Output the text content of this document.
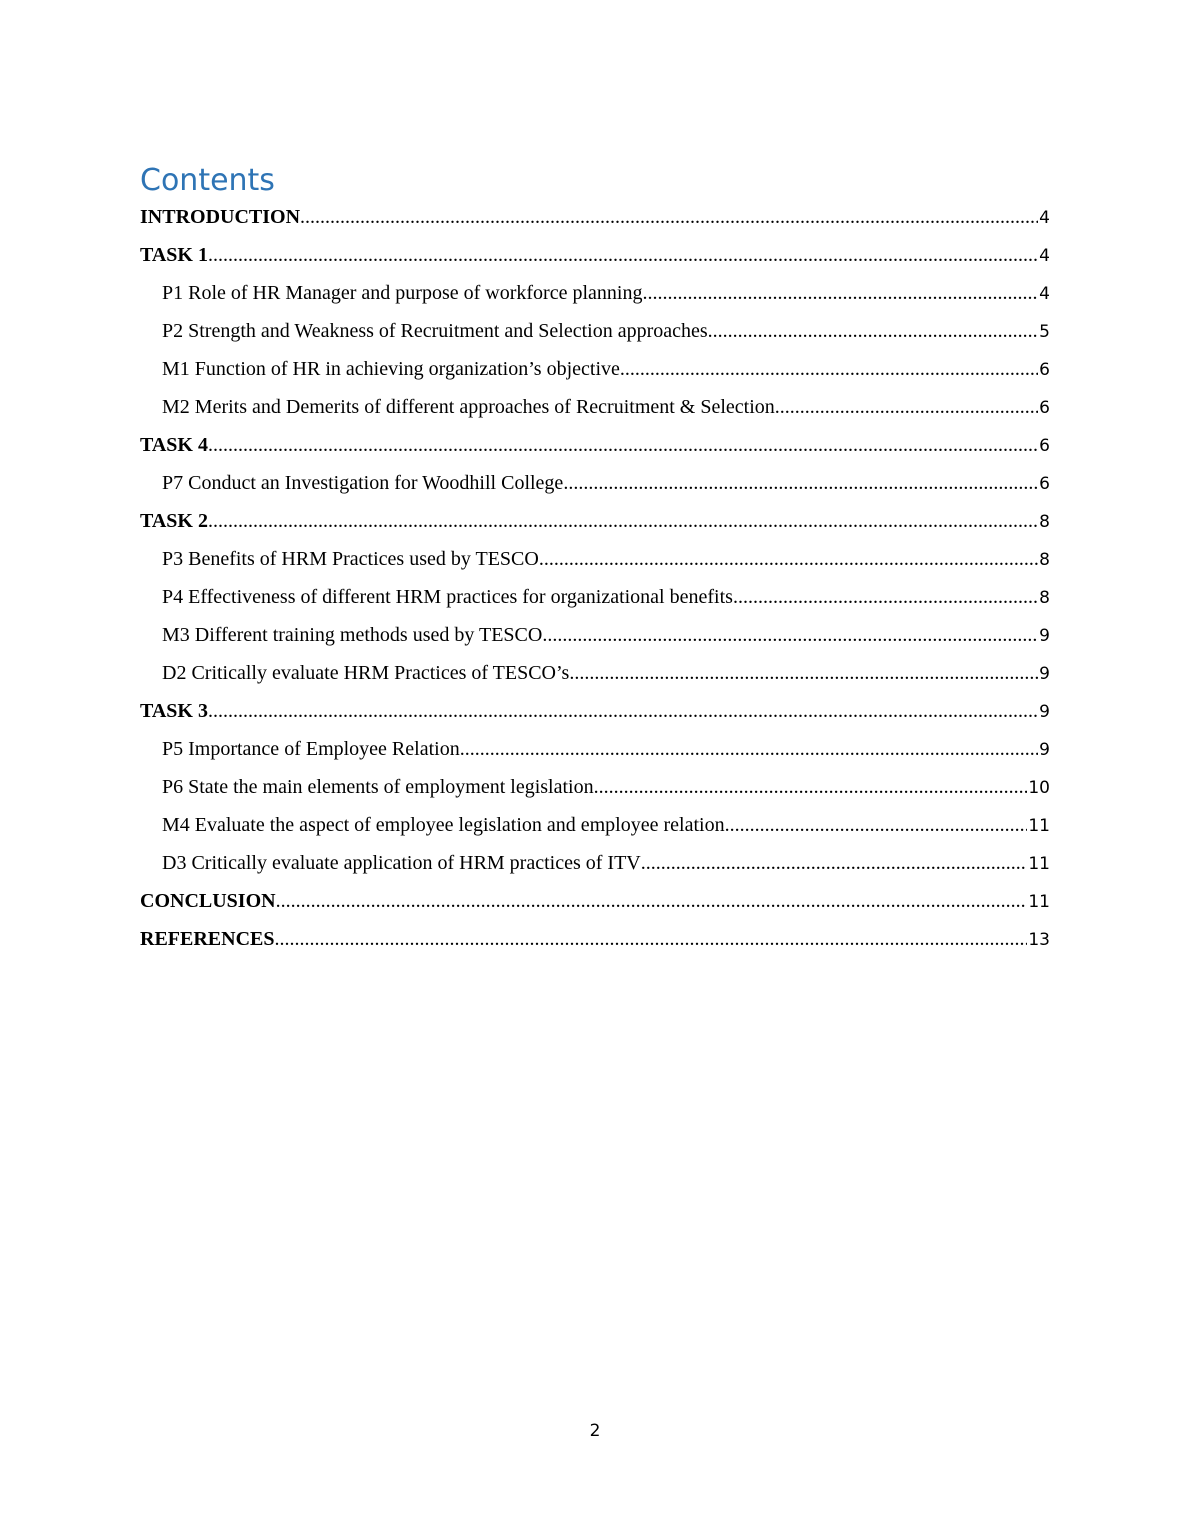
Contents
INTRODUCTION .....	4
TASK 1 .....	4
P1 Role of HR Manager and purpose of workforce planning .....	4
P2 Strength and Weakness of Recruitment and Selection approaches .....	5
M1 Function of HR in achieving organization’s objective .....	6
M2 Merits and Demerits of different approaches of Recruitment & Selection .....	6
TASK 4 .....	6
P7 Conduct an Investigation for Woodhill College .....	6
TASK 2 .....	8
P3 Benefits of HRM Practices used by TESCO .....	8
P4 Effectiveness of different HRM practices for organizational benefits .....	8
M3 Different training methods used by TESCO .....	9
D2 Critically evaluate HRM Practices of TESCO’s .....	9
TASK 3 .....	9
P5 Importance of Employee Relation .....	9
P6 State the main elements of employment legislation .....	10
M4 Evaluate the aspect of employee legislation and employee relation. .....	11
D3 Critically evaluate application of HRM practices of ITV .....	11
CONCLUSION .....	11
REFERENCES .....	13
2
